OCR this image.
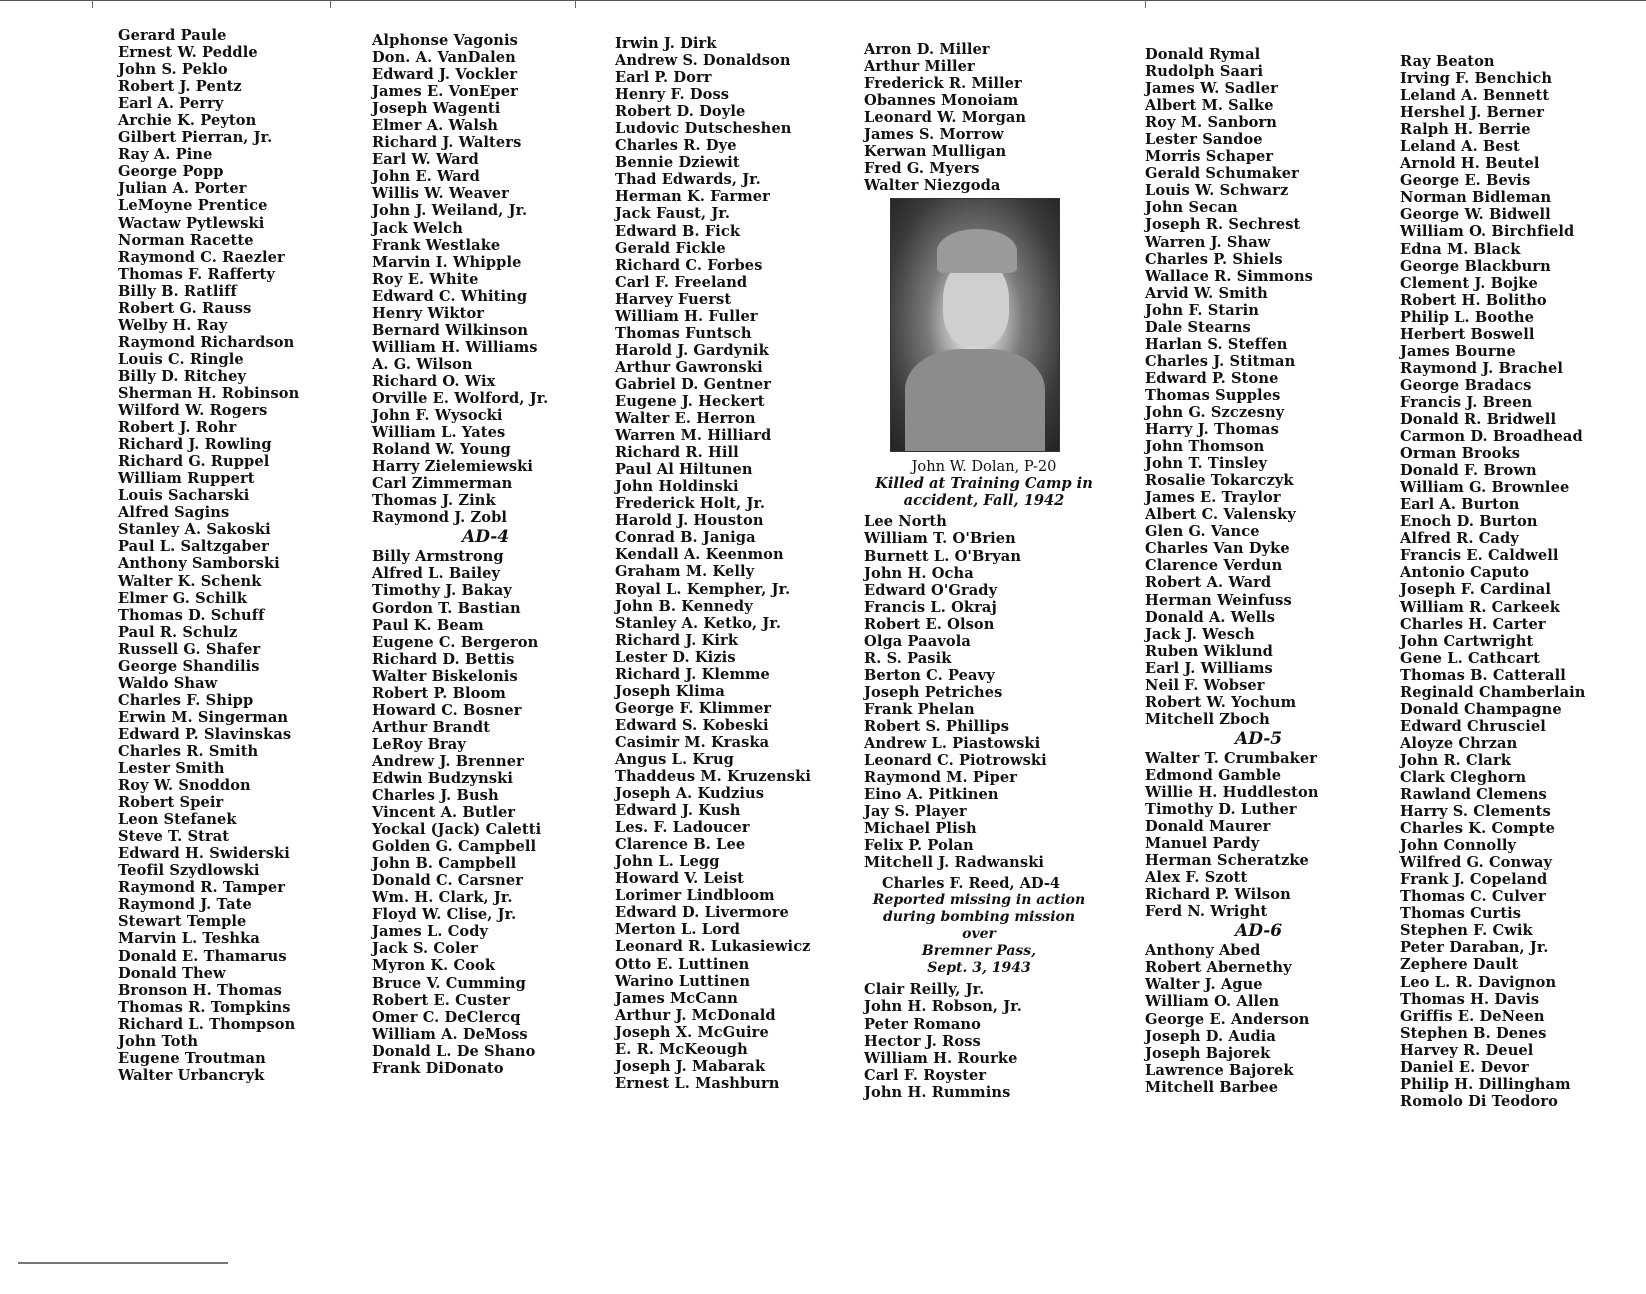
Gerard Paule
Ernest W. Peddle
John S. Peklo
Robert J. Pentz
Earl A. Perry
Archie K. Peyton
Gilbert Pierran, Jr.
Ray A. Pine
George Popp
Julian A. Porter
LeMoyne Prentice
Wactaw Pytlewski
Norman Racette
Raymond C. Raezler
Thomas F. Rafferty
Billy B. Ratliff
Robert G. Rauss
Welby H. Ray
Raymond Richardson
Louis C. Ringle
Billy D. Ritchey
Sherman H. Robinson
Wilford W. Rogers
Robert J. Rohr
Richard J. Rowling
Richard G. Ruppel
William Ruppert
Louis Sacharski
Alfred Sagins
Stanley A. Sakoski
Paul L. Saltzgaber
Anthony Samborski
Walter K. Schenk
Elmer G. Schilk
Thomas D. Schuff
Paul R. Schulz
Russell G. Shafer
George Shandilis
Waldo Shaw
Charles F. Shipp
Erwin M. Singerman
Edward P. Slavinskas
Charles R. Smith
Lester Smith
Roy W. Snoddon
Robert Speir
Leon Stefanek
Steve T. Strat
Edward H. Swiderski
Teofil Szydlowski
Raymond R. Tamper
Raymond J. Tate
Stewart Temple
Marvin L. Teshka
Donald E. Thamarus
Donald Thew
Bronson H. Thomas
Thomas R. Tompkins
Richard L. Thompson
John Toth
Eugene Troutman
Walter Urbancryk
Alphonse Vagonis
Don. A. VanDalen
Edward J. Vockler
James E. VonEper
Joseph Wagenti
Elmer A. Walsh
Richard J. Walters
Earl W. Ward
John E. Ward
Willis W. Weaver
John J. Weiland, Jr.
Jack Welch
Frank Westlake
Marvin I. Whipple
Roy E. White
Edward C. Whiting
Henry Wiktor
Bernard Wilkinson
William H. Williams
A. G. Wilson
Richard O. Wix
Orville E. Wolford, Jr.
John F. Wysocki
William L. Yates
Roland W. Young
Harry Zielemiewski
Carl Zimmerman
Thomas J. Zink
Raymond J. Zobl
AD-4
Billy Armstrong
Alfred L. Bailey
Timothy J. Bakay
Gordon T. Bastian
Paul K. Beam
Eugene C. Bergeron
Richard D. Bettis
Walter Biskelonis
Robert P. Bloom
Howard C. Bosner
Arthur Brandt
LeRoy Bray
Andrew J. Brenner
Edwin Budzynski
Charles J. Bush
Vincent A. Butler
Yockal (Jack) Caletti
Golden G. Campbell
John B. Campbell
Donald C. Carsner
Wm. H. Clark, Jr.
Floyd W. Clise, Jr.
James L. Cody
Jack S. Coler
Myron K. Cook
Bruce V. Cumming
Robert E. Custer
Omer C. DeClercq
William A. DeMoss
Donald L. De Shano
Frank DiDonato
Irwin J. Dirk
Andrew S. Donaldson
Earl P. Dorr
Henry F. Doss
Robert D. Doyle
Ludovic Dutscheshen
Charles R. Dye
Bennie Dziewit
Thad Edwards, Jr.
Herman K. Farmer
Jack Faust, Jr.
Edward B. Fick
Gerald Fickle
Richard C. Forbes
Carl F. Freeland
Harvey Fuerst
William H. Fuller
Thomas Funtsch
Harold J. Gardynik
Arthur Gawronski
Gabriel D. Gentner
Eugene J. Heckert
Walter E. Herron
Warren M. Hilliard
Richard R. Hill
Paul Al Hiltunen
John Holdinski
Frederick Holt, Jr.
Harold J. Houston
Conrad B. Janiga
Kendall A. Keenmon
Graham M. Kelly
Royal L. Kempher, Jr.
John B. Kennedy
Stanley A. Ketko, Jr.
Richard J. Kirk
Lester D. Kizis
Richard J. Klemme
Joseph Klima
George F. Klimmer
Edward S. Kobeski
Casimir M. Kraska
Angus L. Krug
Thaddeus M. Kruzenski
Joseph A. Kudzius
Edward J. Kush
Les. F. Ladoucer
Clarence B. Lee
John L. Legg
Howard V. Leist
Lorimer Lindbloom
Edward D. Livermore
Merton L. Lord
Leonard R. Lukasiewicz
Otto E. Luttinen
Warino Luttinen
James McCann
Arthur J. McDonald
Joseph X. McGuire
E. R. McKeough
Joseph J. Mabarak
Ernest L. Mashburn
Arron D. Miller
Arthur Miller
Frederick R. Miller
Obannes Monoiam
Leonard W. Morgan
James S. Morrow
Kerwan Mulligan
Fred G. Myers
Walter Niezgoda
John W. Dolan, P-20
Killed at Training Camp in
accident, Fall, 1942
Lee North
William T. O'Brien
Burnett L. O'Bryan
John H. Ocha
Edward O'Grady
Francis L. Okraj
Robert E. Olson
Olga Paavola
R. S. Pasik
Berton C. Peavy
Joseph Petriches
Frank Phelan
Robert S. Phillips
Andrew L. Piastowski
Leonard C. Piotrowski
Raymond M. Piper
Eino A. Pitkinen
Jay S. Player
Michael Plish
Felix P. Polan
Mitchell J. Radwanski
Charles F. Reed, AD-4
Reported missing in action
during bombing mission over
Bremner Pass,
Sept. 3, 1943
Clair Reilly, Jr.
John H. Robson, Jr.
Peter Romano
Hector J. Ross
William H. Rourke
Carl F. Royster
John H. Rummins
Donald Rymal
Rudolph Saari
James W. Sadler
Albert M. Salke
Roy M. Sanborn
Lester Sandoe
Morris Schaper
Gerald Schumaker
Louis W. Schwarz
John Secan
Joseph R. Sechrest
Warren J. Shaw
Charles P. Shiels
Wallace R. Simmons
Arvid W. Smith
John F. Starin
Dale Stearns
Harlan S. Steffen
Charles J. Stitman
Edward P. Stone
Thomas Supples
John G. Szczesny
Harry J. Thomas
John Thomson
John T. Tinsley
Rosalie Tokarczyk
James E. Traylor
Albert C. Valensky
Glen G. Vance
Charles Van Dyke
Clarence Verdun
Robert A. Ward
Herman Weinfuss
Donald A. Wells
Jack J. Wesch
Ruben Wiklund
Earl J. Williams
Neil F. Wobser
Robert W. Yochum
Mitchell Zboch
AD-5
Walter T. Crumbaker
Edmond Gamble
Willie H. Huddleston
Timothy D. Luther
Donald Maurer
Manuel Pardy
Herman Scheratzke
Alex F. Szott
Richard P. Wilson
Ferd N. Wright
AD-6
Anthony Abed
Robert Abernethy
Walter J. Ague
William O. Allen
George E. Anderson
Joseph D. Audia
Joseph Bajorek
Lawrence Bajorek
Mitchell Barbee
Ray Beaton
Irving F. Benchich
Leland A. Bennett
Hershel J. Berner
Ralph H. Berrie
Leland A. Best
Arnold H. Beutel
George E. Bevis
Norman Bidleman
George W. Bidwell
William O. Birchfield
Edna M. Black
George Blackburn
Clement J. Bojke
Robert H. Bolitho
Philip L. Boothe
Herbert Boswell
James Bourne
Raymond J. Brachel
George Bradacs
Francis J. Breen
Donald R. Bridwell
Carmon D. Broadhead
Orman Brooks
Donald F. Brown
William G. Brownlee
Earl A. Burton
Enoch D. Burton
Alfred R. Cady
Francis E. Caldwell
Antonio Caputo
Joseph F. Cardinal
William R. Carkeek
Charles H. Carter
John Cartwright
Gene L. Cathcart
Thomas B. Catterall
Reginald Chamberlain
Donald Champagne
Edward Chrusciel
Aloyze Chrzan
John R. Clark
Clark Cleghorn
Rawland Clemens
Harry S. Clements
Charles K. Compte
John Connolly
Wilfred G. Conway
Frank J. Copeland
Thomas C. Culver
Thomas Curtis
Stephen F. Cwik
Peter Daraban, Jr.
Zephere Dault
Leo L. R. Davignon
Thomas H. Davis
Griffis E. DeNeen
Stephen B. Denes
Harvey R. Deuel
Daniel E. Devor
Philip H. Dillingham
Romolo Di Teodoro
